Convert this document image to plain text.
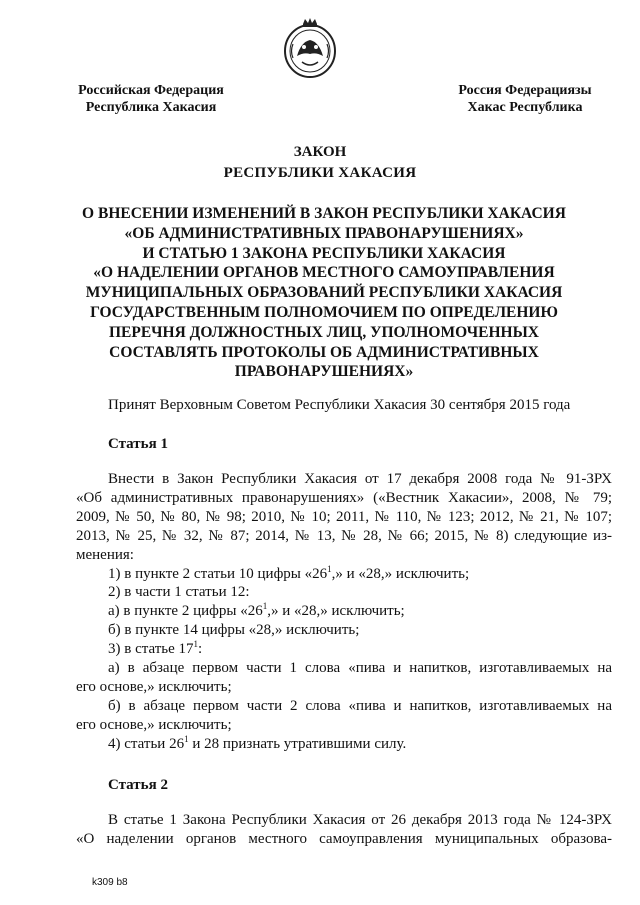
Российская Федерация
Республика Хакасия
Россия Федерациязы
Хакас Республика
ЗАКОН
РЕСПУБЛИКИ ХАКАСИЯ
О ВНЕСЕНИИ ИЗМЕНЕНИЙ В ЗАКОН РЕСПУБЛИКИ ХАКАСИЯ
«ОБ АДМИНИСТРАТИВНЫХ ПРАВОНАРУШЕНИЯХ»
И СТАТЬЮ 1 ЗАКОНА РЕСПУБЛИКИ ХАКАСИЯ
«О НАДЕЛЕНИИ ОРГАНОВ МЕСТНОГО САМОУПРАВЛЕНИЯ
МУНИЦИПАЛЬНЫХ ОБРАЗОВАНИЙ РЕСПУБЛИКИ ХАКАСИЯ
ГОСУДАРСТВЕННЫМ ПОЛНОМОЧИЕМ ПО ОПРЕДЕЛЕНИЮ
ПЕРЕЧНЯ ДОЛЖНОСТНЫХ ЛИЦ, УПОЛНОМОЧЕННЫХ
СОСТАВЛЯТЬ ПРОТОКОЛЫ ОБ АДМИНИСТРАТИВНЫХ
ПРАВОНАРУШЕНИЯХ»
Принят Верховным Советом Республики Хакасия 30 сентября 2015 года
Статья 1
Внести в Закон Республики Хакасия от 17 декабря 2008 года № 91-ЗРХ
«Об административных правонарушениях» («Вестник Хакасии», 2008, № 79;
2009, № 50, № 80, № 98; 2010, № 10; 2011, № 110, № 123; 2012, № 21, № 107;
2013, № 25, № 32, № 87; 2014, № 13, № 28, № 66; 2015, № 8) следующие из-
менения:
1) в пункте 2 статьи 10 цифры «$26^1$,» и «28,» исключить;
2) в части 1 статьи 12:
а) в пункте 2 цифры «$26^1$,» и «28,» исключить;
б) в пункте 14 цифры «28,» исключить;
3) в статье $17^1$:
а) в абзаце первом части 1 слова «пива и напитков, изготавливаемых на
его основе,» исключить;
б) в абзаце первом части 2 слова «пива и напитков, изготавливаемых на
его основе,» исключить;
4) статьи $26^1$ и 28 признать утратившими силу.
Статья 2
В статье 1 Закона Республики Хакасия от 26 декабря 2013 года № 124-ЗРХ
«О наделении органов местного самоуправления муниципальных образова-
k309 b8
